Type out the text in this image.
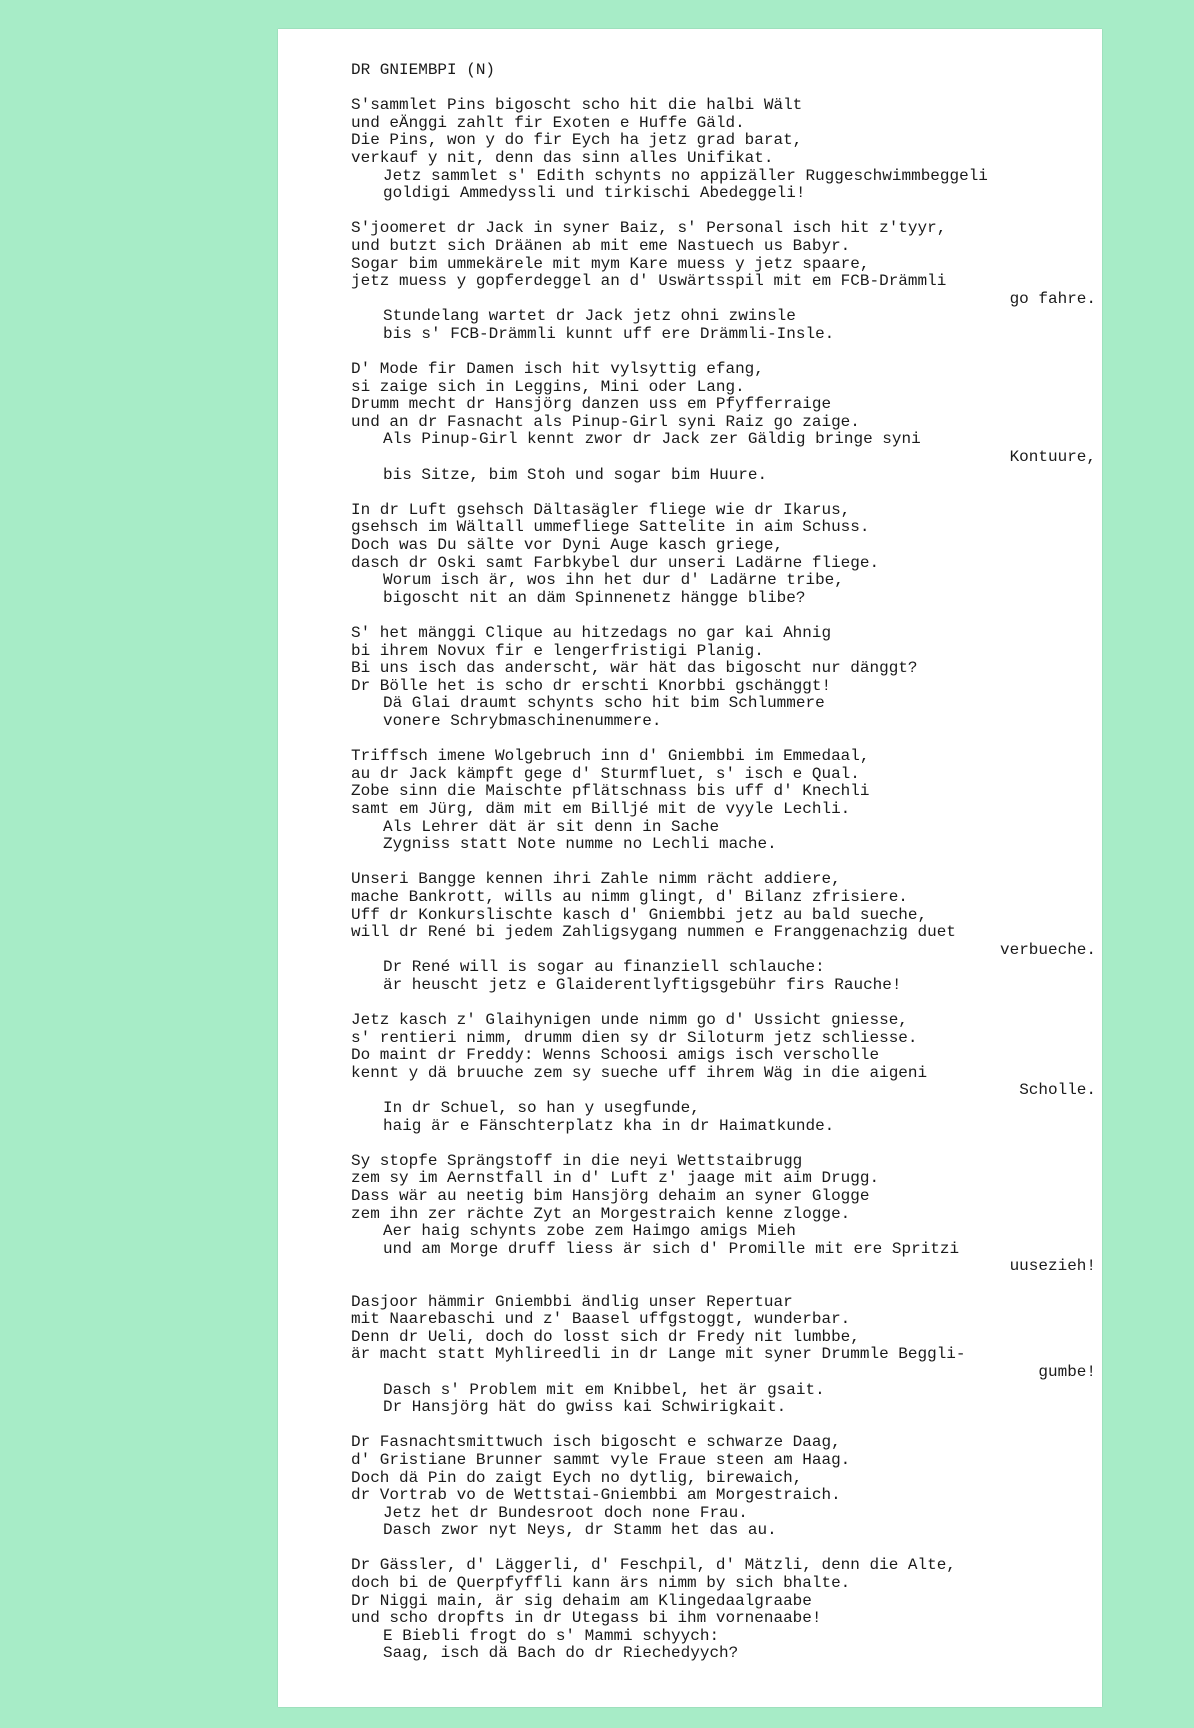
DR GNIEMBPI (N)
S'sammlet Pins bigoscht scho hit die halbi Wält
und eÄnggi zahlt fir Exoten e Huffe Gäld.
Die Pins, won y do fir Eych ha jetz grad barat,
verkauf y nit, denn das sinn alles Unifikat.
Jetz sammlet s' Edith schynts no appizäller Ruggeschwimmbeggeli
goldigi Ammedyssli und tirkischi Abedeggeli!
S'joomeret dr Jack in syner Baiz, s' Personal isch hit z'tyyr,
und butzt sich Dräänen ab mit eme Nastuech us Babyr.
Sogar bim ummekärele mit mym Kare muess y jetz spaare,
jetz muess y gopferdeggel an d' Uswärtsspil mit em FCB-Drämmli
go fahre.
Stundelang wartet dr Jack jetz ohni zwinsle
bis s' FCB-Drämmli kunnt uff ere Drämmli-Insle.
D' Mode fir Damen isch hit vylsyttig efang,
si zaige sich in Leggins, Mini oder Lang.
Drumm mecht dr Hansjörg danzen uss em Pfyfferraige
und an dr Fasnacht als Pinup-Girl syni Raiz go zaige.
Als Pinup-Girl kennt zwor dr Jack zer Gäldig bringe syni
Kontuure,
bis Sitze, bim Stoh und sogar bim Huure.
In dr Luft gsehsch Dältasägler fliege wie dr Ikarus,
gsehsch im Wältall ummefliege Sattelite in aim Schuss.
Doch was Du sälte vor Dyni Auge kasch griege,
dasch dr Oski samt Farbkybel dur unseri Ladärne fliege.
Worum isch är, wos ihn het dur d' Ladärne tribe,
bigoscht nit an däm Spinnenetz hängge blibe?
S' het mänggi Clique au hitzedags no gar kai Ahnig
bi ihrem Novux fir e lengerfristigi Planig.
Bi uns isch das anderscht, wär hät das bigoscht nur dänggt?
Dr Bölle het is scho dr erschti Knorbbi gschänggt!
Dä Glai draumt schynts scho hit bim Schlummere
vonere Schrybmaschinenummere.
Triffsch imene Wolgebruch inn d' Gniembbi im Emmedaal,
au dr Jack kämpft gege d' Sturmfluet, s' isch e Qual.
Zobe sinn die Maischte pflätschnass bis uff d' Knechli
samt em Jürg, däm mit em Billjé mit de vyyle Lechli.
Als Lehrer dät är sit denn in Sache
Zygniss statt Note numme no Lechli mache.
Unseri Bangge kennen ihri Zahle nimm rächt addiere,
mache Bankrott, wills au nimm glingt, d' Bilanz zfrisiere.
Uff dr Konkurslischte kasch d' Gniembbi jetz au bald sueche,
will dr René bi jedem Zahligsygang nummen e Franggenachzig duet
verbueche.
Dr René will is sogar au finanziell schlauche:
är heuscht jetz e Glaiderentlyftigsgebühr firs Rauche!
Jetz kasch z' Glaihynigen unde nimm go d' Ussicht gniesse,
s' rentieri nimm, drumm dien sy dr Siloturm jetz schliesse.
Do maint dr Freddy: Wenns Schoosi amigs isch verscholle
kennt y dä bruuche zem sy sueche uff ihrem Wäg in die aigeni
Scholle.
In dr Schuel, so han y usegfunde,
haig är e Fänschterplatz kha in dr Haimatkunde.
Sy stopfe Sprängstoff in die neyi Wettstaibrugg
zem sy im Aernstfall in d' Luft z' jaage mit aim Drugg.
Dass wär au neetig bim Hansjörg dehaim an syner Glogge
zem ihn zer rächte Zyt an Morgestraich kenne zlogge.
Aer haig schynts zobe zem Haimgo amigs Mieh
und am Morge druff liess är sich d' Promille mit ere Spritzi
uusezieh!
Dasjoor hämmir Gniembbi ändlig unser Repertuar
mit Naarebaschi und z' Baasel uffgstoggt, wunderbar.
Denn dr Ueli, doch do losst sich dr Fredy nit lumbbe,
är macht statt Myhlireedli in dr Lange mit syner Drummle Beggli-
gumbe!
Dasch s' Problem mit em Knibbel, het är gsait.
Dr Hansjörg hät do gwiss kai Schwirigkait.
Dr Fasnachtsmittwuch isch bigoscht e schwarze Daag,
d' Gristiane Brunner sammt vyle Fraue steen am Haag.
Doch dä Pin do zaigt Eych no dytlig, birewaich,
dr Vortrab vo de Wettstai-Gniembbi am Morgestraich.
Jetz het dr Bundesroot doch none Frau.
Dasch zwor nyt Neys, dr Stamm het das au.
Dr Gässler, d' Läggerli, d' Feschpil, d' Mätzli, denn die Alte,
doch bi de Querpfyffli kann ärs nimm by sich bhalte.
Dr Niggi main, är sig dehaim am Klingedaalgraabe
und scho dropfts in dr Utegass bi ihm vornenaabe!
E Biebli frogt do s' Mammi schyych:
Saag, isch dä Bach do dr Riechedyych?
